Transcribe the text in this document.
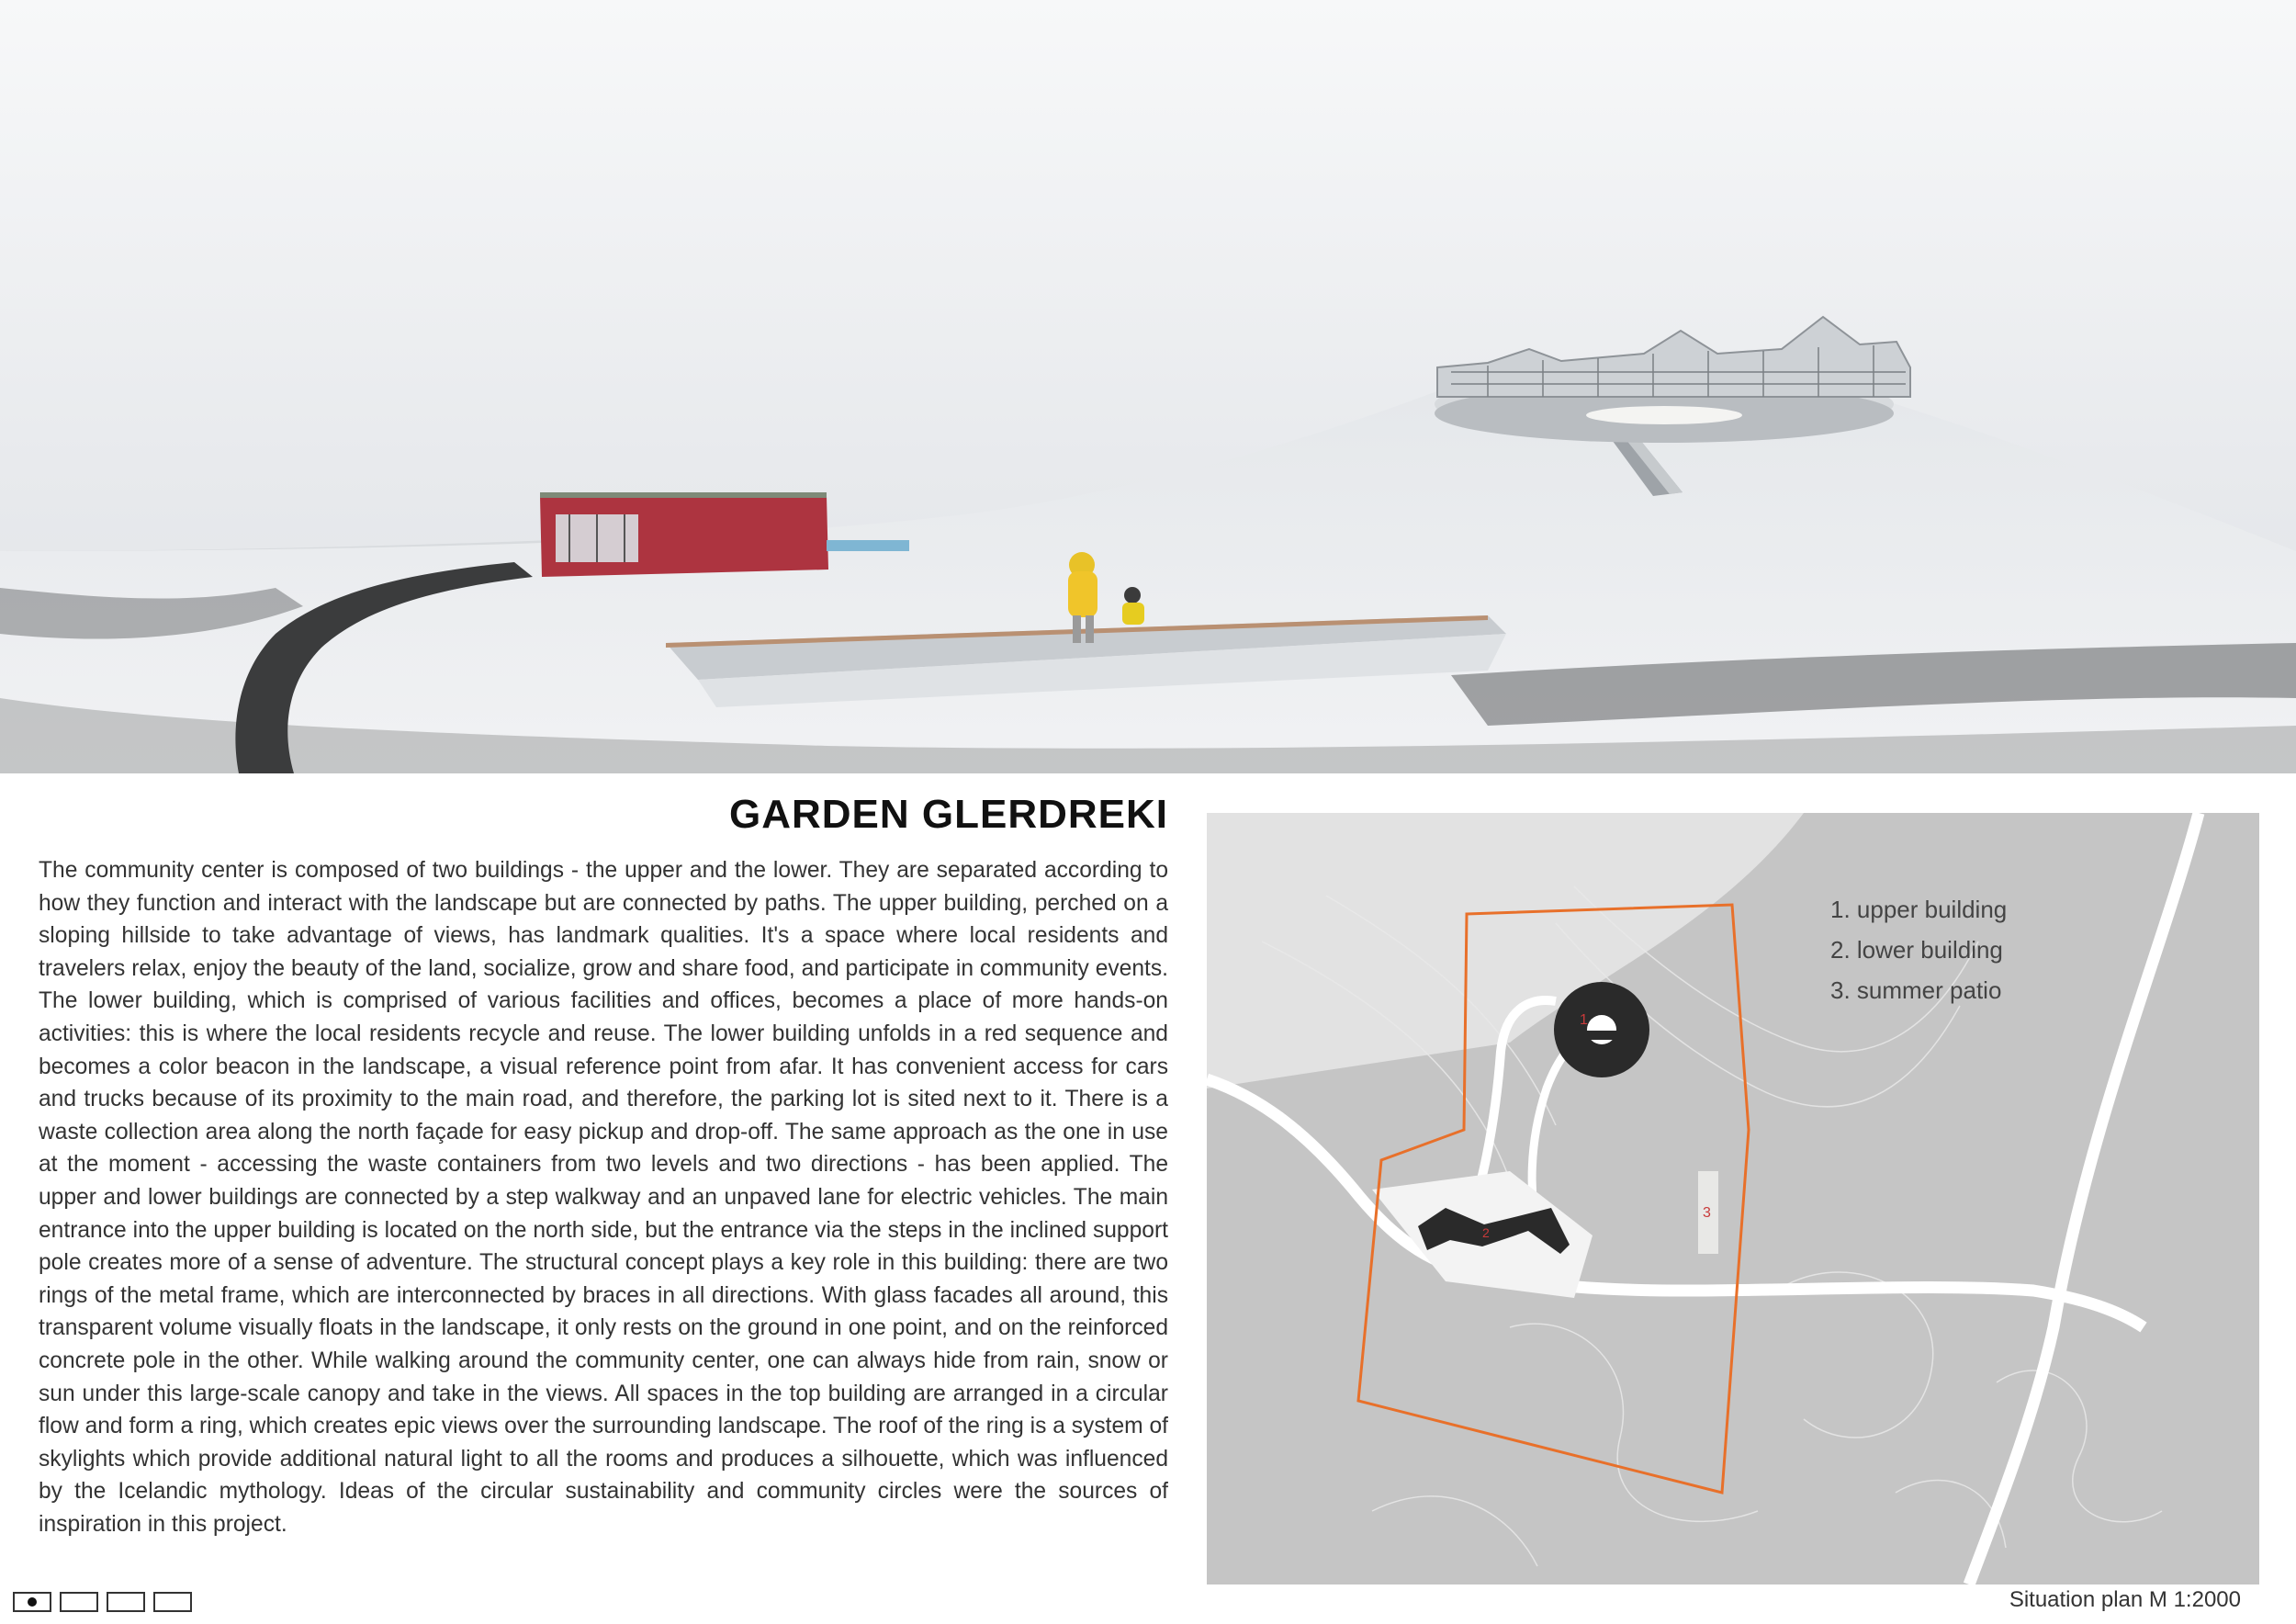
GARDEN GLERDREKI

The community center is composed of two buildings - the upper and the lower. They are separated according to how they function and interact with the landscape but are connected by paths. The upper building, perched on a sloping hillside to take advantage of views, has landmark qualities. It's a space where local residents and travelers relax, enjoy the beauty of the land, socialize, grow and share food, and participate in community events. The lower building, which is comprised of various facilities and offices, becomes a place of more hands-on activities: this is where the local residents recycle and reuse. The lower building unfolds in a red sequence and becomes a color beacon in the landscape, a visual reference point from afar. It has convenient access for cars and trucks because of its proximity to the main road, and therefore, the parking lot is sited next to it. There is a waste collection area along the north façade for easy pickup and drop-off. The same approach as the one in use at the moment - accessing the waste containers from two levels and two directions - has been applied. The upper and lower buildings are connected by a step walkway and an unpaved lane for electric vehicles. The main entrance into the upper building is located on the north side, but the entrance via the steps in the inclined support pole creates more of a sense of adventure. The structural concept plays a key role in this building: there are two rings of the metal frame, which are interconnected by braces in all directions. With glass facades all around, this transparent volume visually floats in the landscape, it only rests on the ground in one point, and on the reinforced concrete pole in the other. While walking around the community center, one can always hide from rain, snow or sun under this large-scale canopy and take in the views. All spaces in the top building are arranged in a circular flow and form a ring, which creates epic views over the surrounding landscape. The roof of the ring is a system of skylights which provide additional natural light to all the rooms and produces a silhouette, which was influenced by the Icelandic mythology. Ideas of the circular sustainability and community circles were the sources of inspiration in this project.

1
2
3
1. upper building
2. lower building
3. summer patio
Situation plan M 1:2000
